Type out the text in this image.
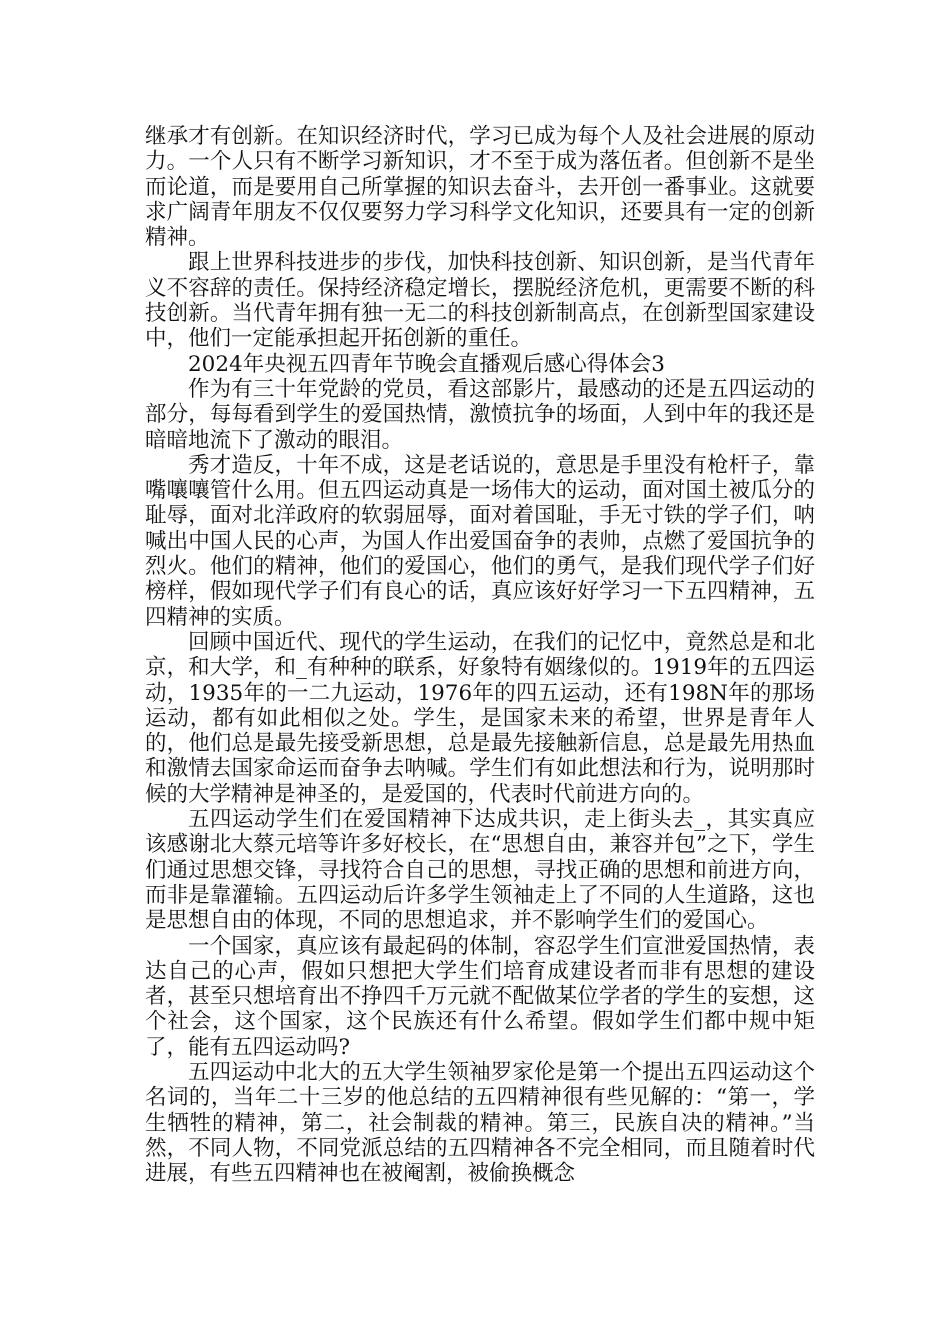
继承才有创新。在知识经济时代，学习已成为每个人及社会进展的原动力。一个人只有不断学习新知识，才不至于成为落伍者。但创新不是坐而论道，而是要用自己所掌握的知识去奋斗，去开创一番事业。这就要求广阔青年朋友不仅仅要努力学习科学文化知识，还要具有一定的创新精神。

跟上世界科技进步的步伐，加快科技创新、知识创新，是当代青年义不容辞的责任。保持经济稳定增长，摆脱经济危机，更需要不断的科技创新。当代青年拥有独一无二的科技创新制高点，在创新型国家建设中，他们一定能承担起开拓创新的重任。

2024年央视五四青年节晚会直播观后感心得体会3

作为有三十年党龄的党员，看这部影片，最感动的还是五四运动的部分，每每看到学生的爱国热情，激愤抗争的场面，人到中年的我还是暗暗地流下了激动的眼泪。

秀才造反，十年不成，这是老话说的，意思是手里没有枪杆子，靠嘴嚷嚷管什么用。但五四运动真是一场伟大的运动，面对国土被瓜分的耻辱，面对北洋政府的软弱屈辱，面对着国耻，手无寸铁的学子们，呐喊出中国人民的心声，为国人作出爱国奋争的表帅，点燃了爱国抗争的烈火。他们的精神，他们的爱国心，他们的勇气，是我们现代学子们好榜样，假如现代学子们有良心的话，真应该好好学习一下五四精神，五四精神的实质。

回顾中国近代、现代的学生运动，在我们的记忆中，竟然总是和北京，和大学，和_有种种的联系，好象特有姻缘似的。1919年的五四运动，1935年的一二九运动，1976年的四五运动，还有198N年的那场运动，都有如此相似之处。学生，是国家未来的希望，世界是青年人的，他们总是最先接受新思想，总是最先接触新信息，总是最先用热血和激情去国家命运而奋争去呐喊。学生们有如此想法和行为，说明那时候的大学精神是神圣的，是爱国的，代表时代前进方向的。

五四运动学生们在爱国精神下达成共识，走上街头去_，其实真应该感谢北大蔡元培等许多好校长，在“思想自由，兼容并包”之下，学生们通过思想交锋，寻找符合自己的思想，寻找正确的思想和前进方向，而非是靠灌输。五四运动后许多学生领袖走上了不同的人生道路，这也是思想自由的体现，不同的思想追求，并不影响学生们的爱国心。

一个国家，真应该有最起码的体制，容忍学生们宣泄爱国热情，表达自己的心声，假如只想把大学生们培育成建设者而非有思想的建设者，甚至只想培育出不挣四千万元就不配做某位学者的学生的妄想，这个社会，这个国家，这个民族还有什么希望。假如学生们都中规中矩了，能有五四运动吗?

五四运动中北大的五大学生领袖罗家伦是第一个提出五四运动这个名词的，当年二十三岁的他总结的五四精神很有些见解的：“第一，学生牺牲的精神，第二，社会制裁的精神。第三，民族自决的精神。”当然，不同人物，不同党派总结的五四精神各不完全相同，而且随着时代进展，有些五四精神也在被阉割，被偷换概念
